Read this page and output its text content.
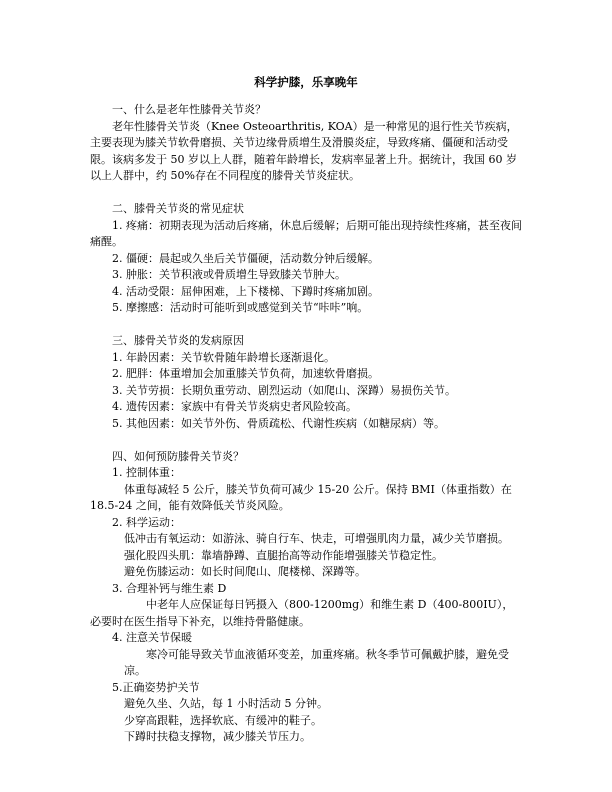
科学护膝，乐享晚年

一、什么是老年性膝骨关节炎？

老年性膝骨关节炎（Knee Osteoarthritis, KOA）是一种常见的退行性关节疾病，主要表现为膝关节软骨磨损、关节边缘骨质增生及滑膜炎症，导致疼痛、僵硬和活动受限。该病多发于 50 岁以上人群，随着年龄增长，发病率显著上升。据统计，我国 60 岁以上人群中，约 50%存在不同程度的膝骨关节炎症状。

二、膝骨关节炎的常见症状

1. 疼痛：初期表现为活动后疼痛，休息后缓解；后期可能出现持续性疼痛，甚至夜间痛醒。

2. 僵硬：晨起或久坐后关节僵硬，活动数分钟后缓解。

3. 肿胀：关节积液或骨质增生导致膝关节肿大。

4. 活动受限：屈伸困难，上下楼梯、下蹲时疼痛加剧。

5. 摩擦感：活动时可能听到或感觉到关节“咔咔”响。

三、膝骨关节炎的发病原因

1. 年龄因素：关节软骨随年龄增长逐渐退化。

2. 肥胖：体重增加会加重膝关节负荷，加速软骨磨损。

3. 关节劳损：长期负重劳动、剧烈运动（如爬山、深蹲）易损伤关节。

4. 遗传因素：家族中有骨关节炎病史者风险较高。

5. 其他因素：如关节外伤、骨质疏松、代谢性疾病（如糖尿病）等。

四、如何预防膝骨关节炎？

1. 控制体重：

体重每减轻 5 公斤，膝关节负荷可减少 15-20 公斤。保持 BMI（体重指数）在 18.5-24 之间，能有效降低关节炎风险。

2. 科学运动：

低冲击有氧运动：如游泳、骑自行车、快走，可增强肌肉力量，减少关节磨损。

强化股四头肌：靠墙静蹲、直腿抬高等动作能增强膝关节稳定性。

避免伤膝运动：如长时间爬山、爬楼梯、深蹲等。

3. 合理补钙与维生素 D

中老年人应保证每日钙摄入（800-1200mg）和维生素 D（400-800IU），必要时在医生指导下补充，以维持骨骼健康。

4. 注意关节保暖

寒冷可能导致关节血液循环变差，加重疼痛。秋冬季节可佩戴护膝，避免受凉。

5.正确姿势护关节

避免久坐、久站，每 1 小时活动 5 分钟。

少穿高跟鞋，选择软底、有缓冲的鞋子。

下蹲时扶稳支撑物，减少膝关节压力。
